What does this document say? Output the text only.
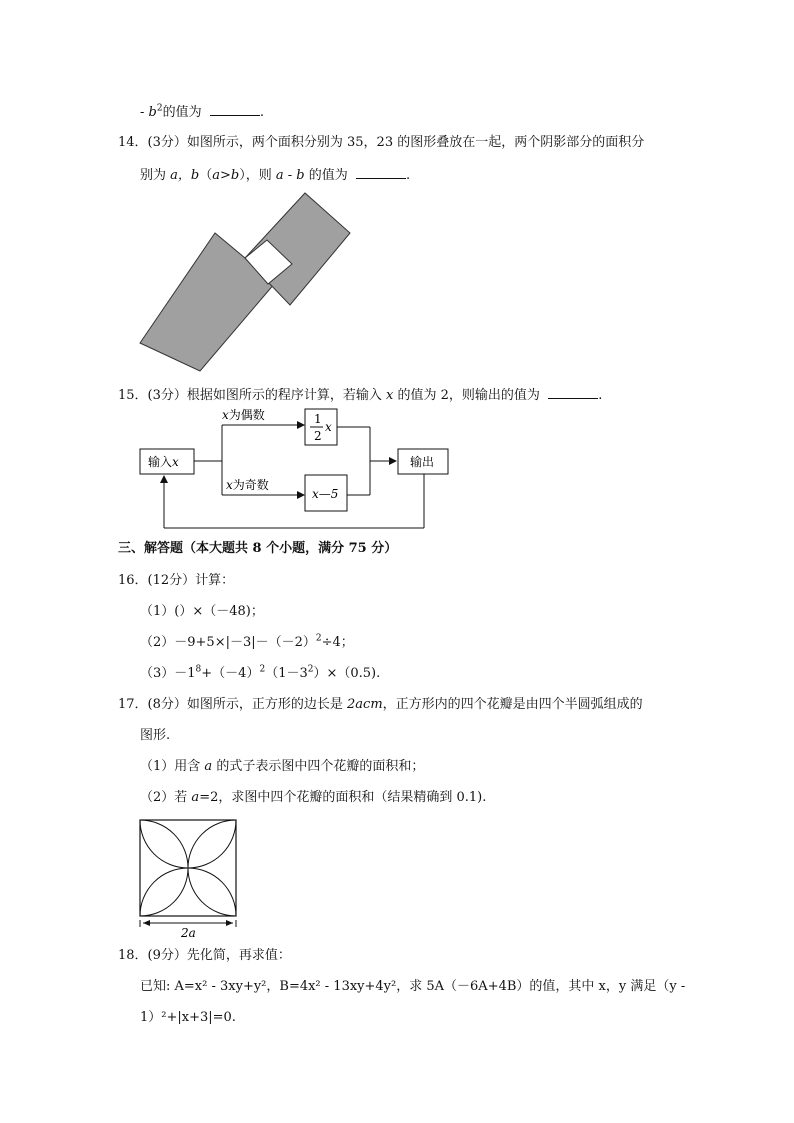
- $b^2$的值为	.
14．(3分）如图所示，两个面积分别为 35，23 的图形叠放在一起，两个阴影部分的面积分
别为 a，b（a>b），则 a - b 的值为	.
15．(3分）根据如图所示的程序计算，若输入 x 的值为 2，则输出的值为	.
输入x
x为偶数
x为奇数
1
2
x
x—5
输出
三、解答题（本大题共 8 个小题，满分 75 分）
16．(12分）计算：
（1）(）×（－48)；
$(2)-9+5\times|-3|-(-2)^2\div 4$；
$(3)-1^8+(-4)^2(1-3^2)\times(0.5)$.
17．(8分）如图所示，正方形的边长是 2acm，正方形内的四个花瓣是由四个半圆弧组成的
图形.
（1）用含 a 的式子表示图中四个花瓣的面积和；
（2）若 a=2，求图中四个花瓣的面积和（结果精确到 0.1).
2a
18．(9分）先化简，再求值：
已知: A=x² - 3xy+y²，B=4x² - 13xy+4y²，求 5A（－6A+4B）的值，其中 x，y 满足（y -
1）²+|x+3|=0.
